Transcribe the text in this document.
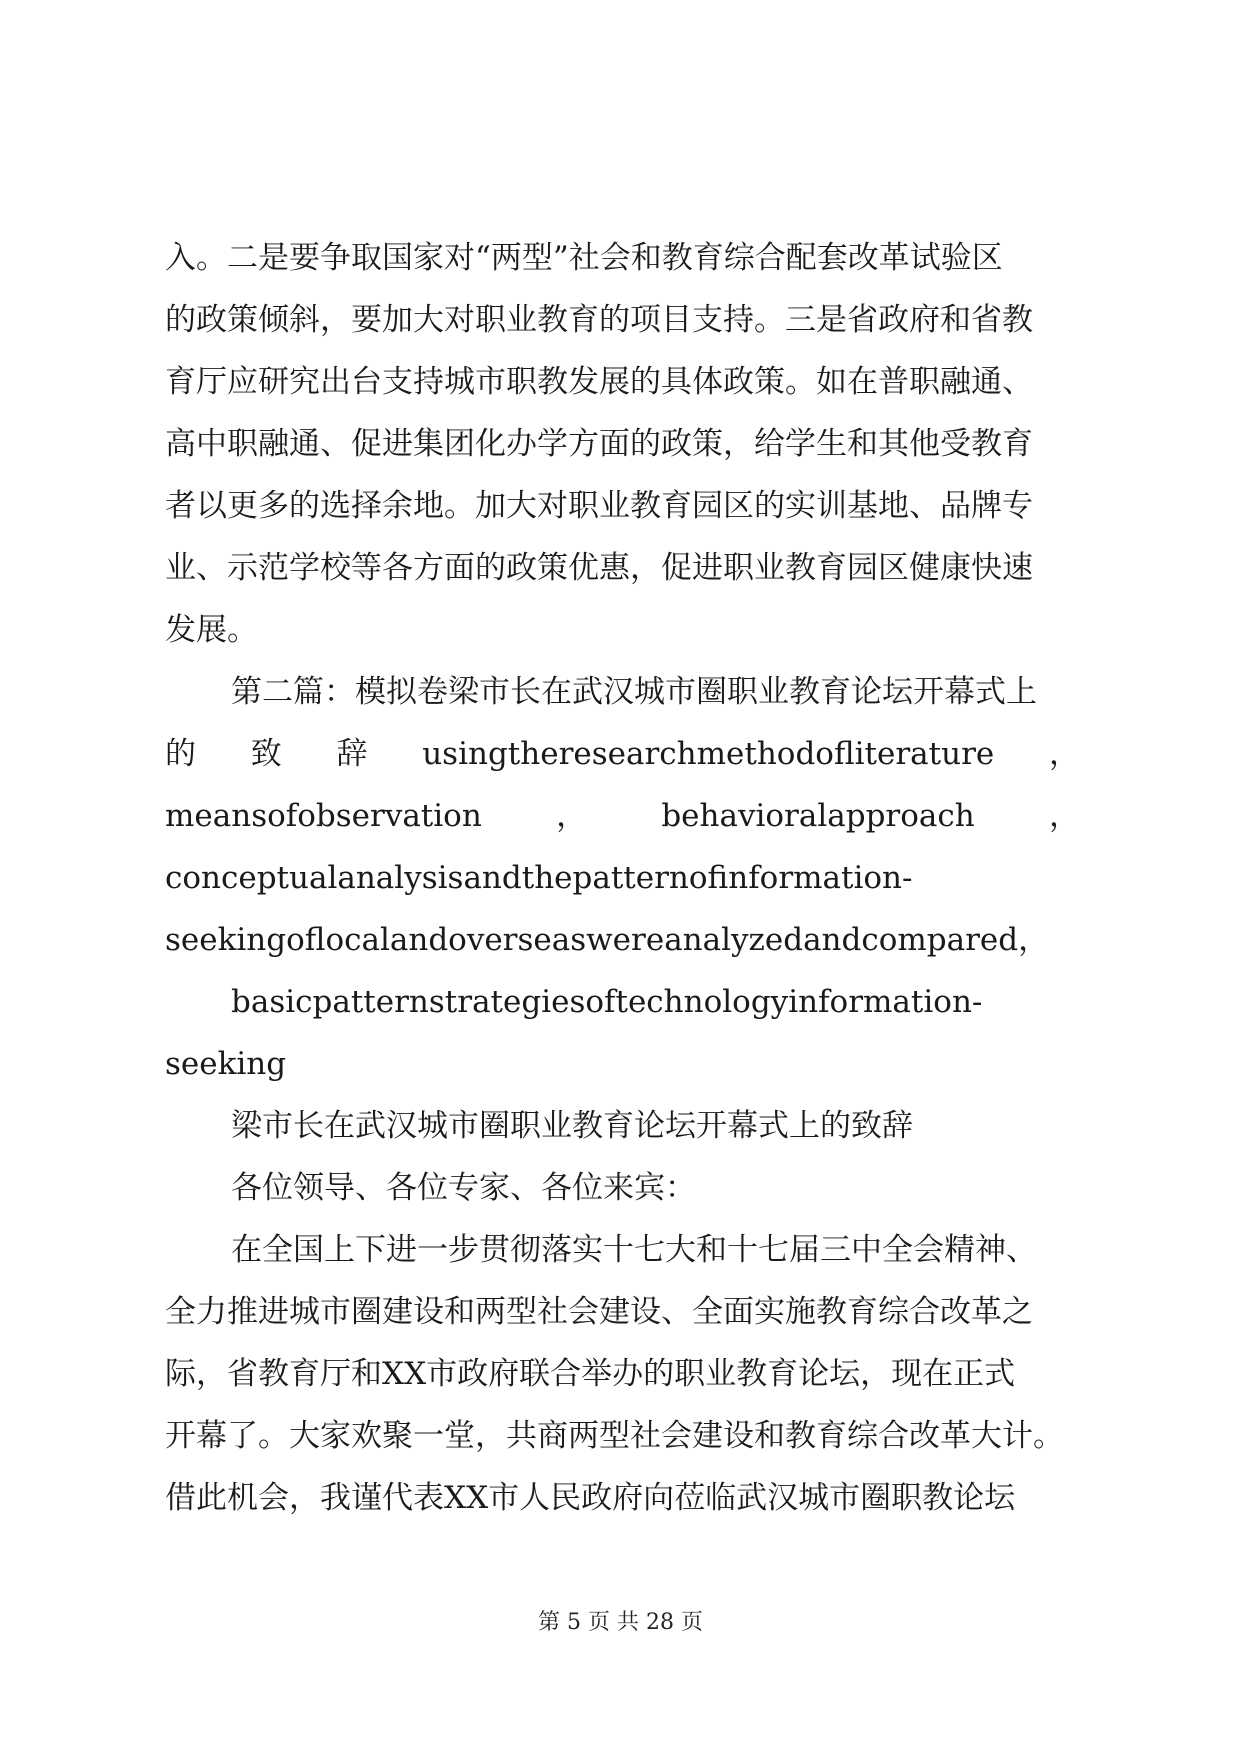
入。二是要争取国家对“两型”社会和教育综合配套改革试验区
的政策倾斜，要加大对职业教育的项目支持。三是省政府和省教
育厅应研究出台支持城市职教发展的具体政策。如在普职融通、
高中职融通、促进集团化办学方面的政策，给学生和其他受教育
者以更多的选择余地。加大对职业教育园区的实训基地、品牌专
业、示范学校等各方面的政策优惠，促进职业教育园区健康快速
发展。
第二篇：模拟卷梁市长在武汉城市圈职业教育论坛开幕式上
的 致 辞 usingtheresearchmethodofliterature ，
meansofobservation ， behavioralapproach ，
conceptualanalysisandthepatternofinformation-
seekingoflocalandoverseaswereanalyzedandcompared，
basicpatternstrategiesoftechnologyinformation-
seeking
梁市长在武汉城市圈职业教育论坛开幕式上的致辞
各位领导、各位专家、各位来宾：
在全国上下进一步贯彻落实十七大和十七届三中全会精神、
全力推进城市圈建设和两型社会建设、全面实施教育综合改革之
际，省教育厅和XX市政府联合举办的职业教育论坛，现在正式
开幕了。大家欢聚一堂，共商两型社会建设和教育综合改革大计。
借此机会，我谨代表XX市人民政府向莅临武汉城市圈职教论坛
第 5 页 共 28 页
